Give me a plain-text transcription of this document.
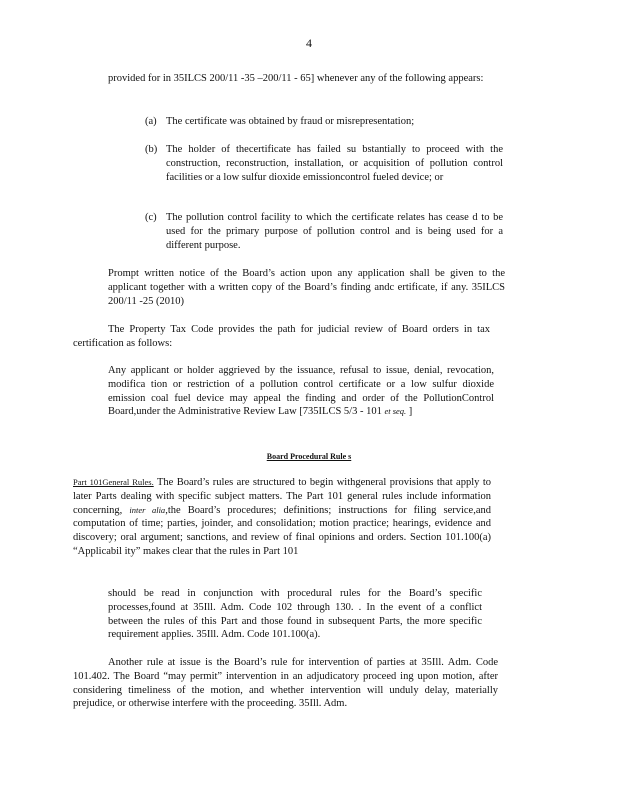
4

provided for in 35ILCS 200/11 -35 –200/11 - 65] whenever any of the following appears:

(a) The certificate was obtained by fraud or misrepresentation;
(b) The holder of thecertificate has failed su bstantially to proceed with the construction, reconstruction, installation, or acquisition of pollution control facilities or a low sulfur dioxide emissioncontrol fueled device; or
(c) The pollution control facility to which the certificate relates has cease d to be used for the primary purpose of pollution control and is being used for a different purpose.

Prompt written notice of the Board’s action upon any application shall be given to the applicant together with a written copy of the Board’s finding andc ertificate, if any. 35ILCS 200/11 -25 (2010)

The Property Tax Code provides the path for judicial review of Board orders in tax certification as follows:

Any applicant or holder aggrieved by the issuance, refusal to issue, denial, revocation, modifica tion or restriction of a pollution control certificate or a low sulfur dioxide emission coal fuel device may appeal the finding and order of the PollutionControl Board,under the Administrative Review Law [735ILCS 5/3 - 101 et seq. ]

Board Procedural Rule s

Part 101General Rules. The Board’s rules are structured to begin withgeneral provisions that apply to later Parts dealing with specific subject matters. The Part 101 general rules include information concerning, inter alia,the Board’s procedures; definitions; instructions for filing service,and computation of time; parties, joinder, and consolidation; motion practice; hearings, evidence and discovery; oral argument; sanctions, and review of final opinions and orders. Section 101.100(a) “Applicabil ity” makes clear that the rules in Part 101

should be read in conjunction with procedural rules for the Board’s specific processes,found at 35Ill. Adm. Code 102 through 130. . In the event of a conflict between the rules of this Part and those found in subsequent Parts, the more specific requirement applies. 35Ill. Adm. Code 101.100(a).

Another rule at issue is the Board’s rule for intervention of parties at 35Ill. Adm. Code 101.402. The Board “may permit” intervention in an adjudicatory proceed ing upon motion, after considering timeliness of the motion, and whether intervention will unduly delay, materially prejudice, or otherwise interfere with the proceeding. 35Ill. Adm.
